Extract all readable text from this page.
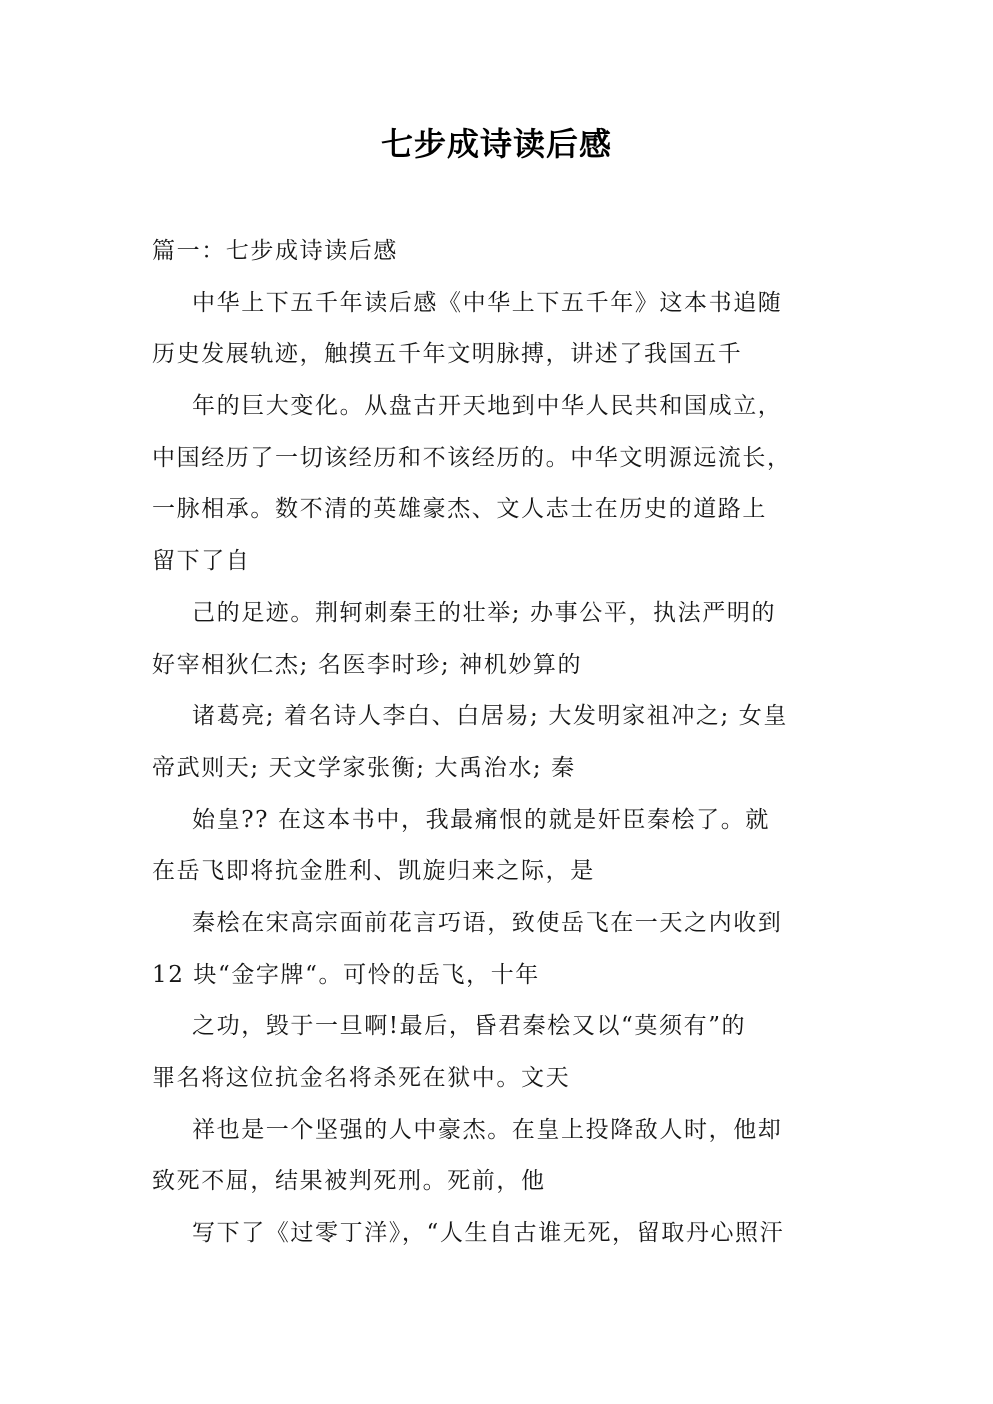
七步成诗读后感
篇一：七步成诗读后感
中华上下五千年读后感《中华上下五千年》这本书追随
历史发展轨迹，触摸五千年文明脉搏，讲述了我国五千
年的巨大变化。从盘古开天地到中华人民共和国成立，
中国经历了一切该经历和不该经历的。中华文明源远流长，
一脉相承。数不清的英雄豪杰、文人志士在历史的道路上
留下了自
己的足迹。荆轲刺秦王的壮举; 办事公平，执法严明的
好宰相狄仁杰; 名医李时珍; 神机妙算的
诸葛亮; 着名诗人李白、白居易; 大发明家祖冲之; 女皇
帝武则天; 天文学家张衡; 大禹治水; 秦
始皇?? 在这本书中，我最痛恨的就是奸臣秦桧了。就
在岳飞即将抗金胜利、凯旋归来之际，是
秦桧在宋高宗面前花言巧语，致使岳飞在一天之内收到
12 块“金字牌“。可怜的岳飞，十年
之功，毁于一旦啊!最后，昏君秦桧又以“莫须有”的
罪名将这位抗金名将杀死在狱中。文天
祥也是一个坚强的人中豪杰。在皇上投降敌人时，他却
致死不屈，结果被判死刑。死前，他
写下了《过零丁洋》，“人生自古谁无死，留取丹心照汗
